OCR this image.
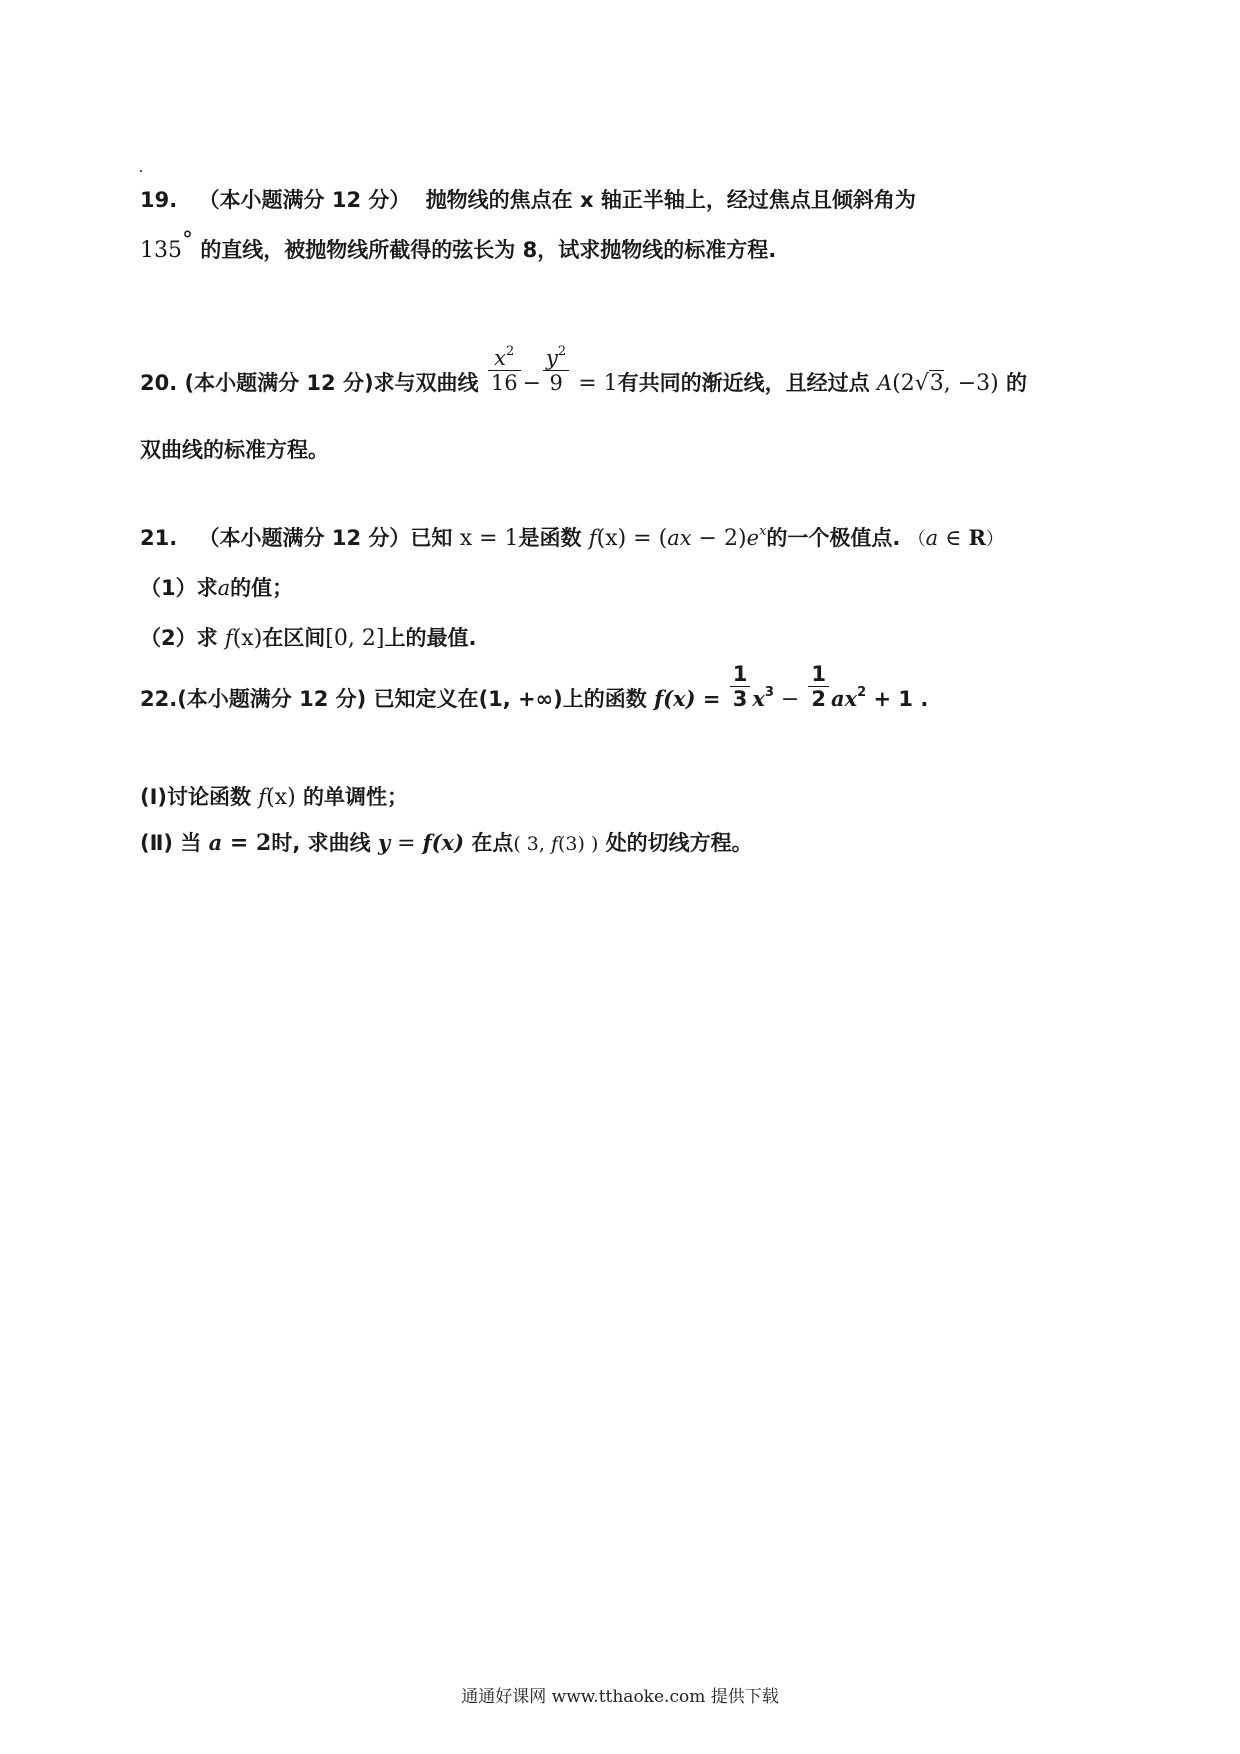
19. （本小题满分 12 分） 抛物线的焦点在 x 轴正半轴上，经过焦点且倾斜角为
135° 的直线，被抛物线所截得的弦长为 8，试求抛物线的标准方程.
20. (本小题满分 12 分)求与双曲线 $\frac{x^2}{16} - \frac{y^2}{9} = 1$有共同的渐近线，且经过点 A(2√3, −3) 的
双曲线的标准方程。
21. （本小题满分 12 分）已知 x = 1是函数 $f(x) = (ax - 2)e^x$的一个极值点. （a ∈ R）
（1）求a的值；
（2）求 f(x)在区间[0, 2]上的最值.
22.(本小题满分 12 分) 已知定义在(1, +∞)上的函数 $f(x) = \frac{1}{3} x^3 - \frac{1}{2} ax^2 + 1$ .
(Ⅰ)讨论函数 f(x) 的单调性；
(Ⅱ) 当 a = 2时, 求曲线 y = f(x) 在点( 3, f(3) ) 处的切线方程。
通通好课网 www.tthaoke.com 提供下载
